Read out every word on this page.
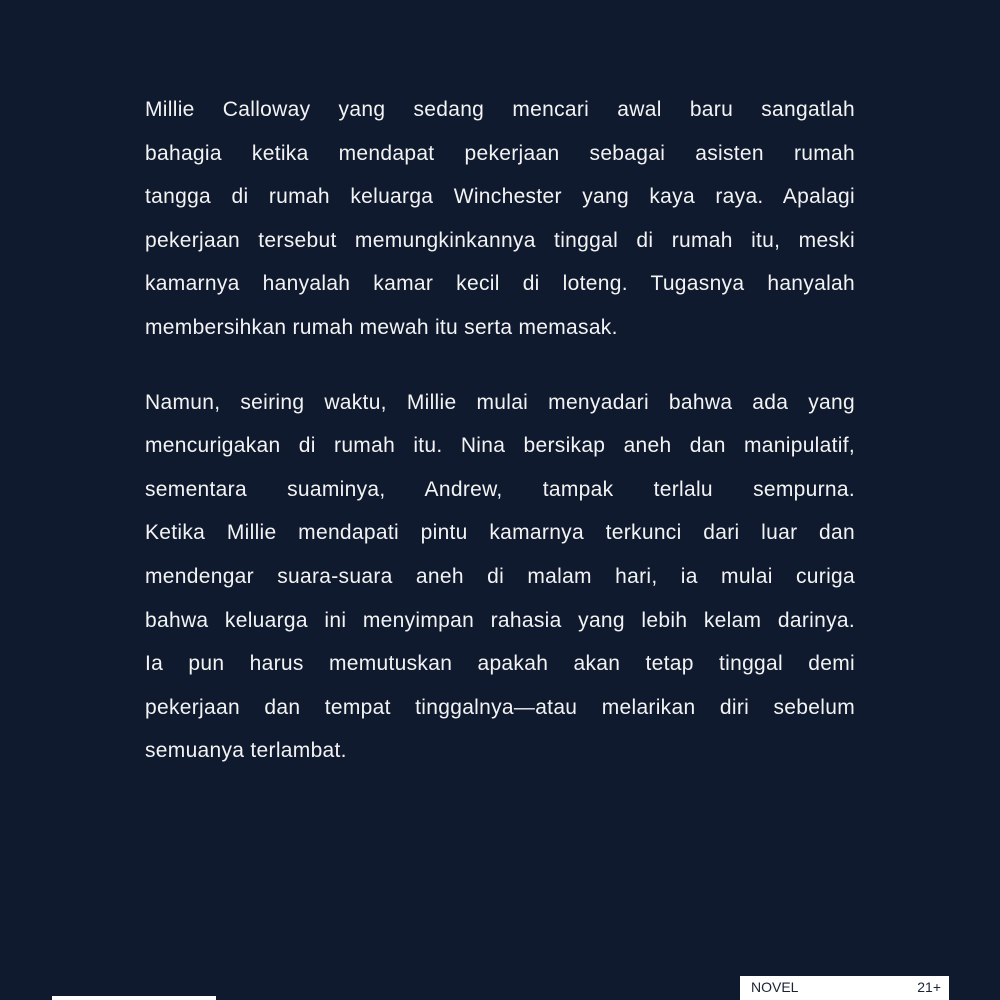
Millie Calloway yang sedang mencari awal baru sangatlah
bahagia ketika mendapat pekerjaan sebagai asisten rumah
tangga di rumah keluarga Winchester yang kaya raya. Apalagi
pekerjaan tersebut memungkinkannya tinggal di rumah itu, meski
kamarnya hanyalah kamar kecil di loteng. Tugasnya hanyalah
membersihkan rumah mewah itu serta memasak.

Namun, seiring waktu, Millie mulai menyadari bahwa ada yang
mencurigakan di rumah itu. Nina bersikap aneh dan manipulatif,
sementara suaminya, Andrew, tampak terlalu sempurna.
Ketika Millie mendapati pintu kamarnya terkunci dari luar dan
mendengar suara-suara aneh di malam hari, ia mulai curiga
bahwa keluarga ini menyimpan rahasia yang lebih kelam darinya.
Ia pun harus memutuskan apakah akan tetap tinggal demi
pekerjaan dan tempat tinggalnya—atau melarikan diri sebelum
semuanya terlambat.

NOVEL	21+
